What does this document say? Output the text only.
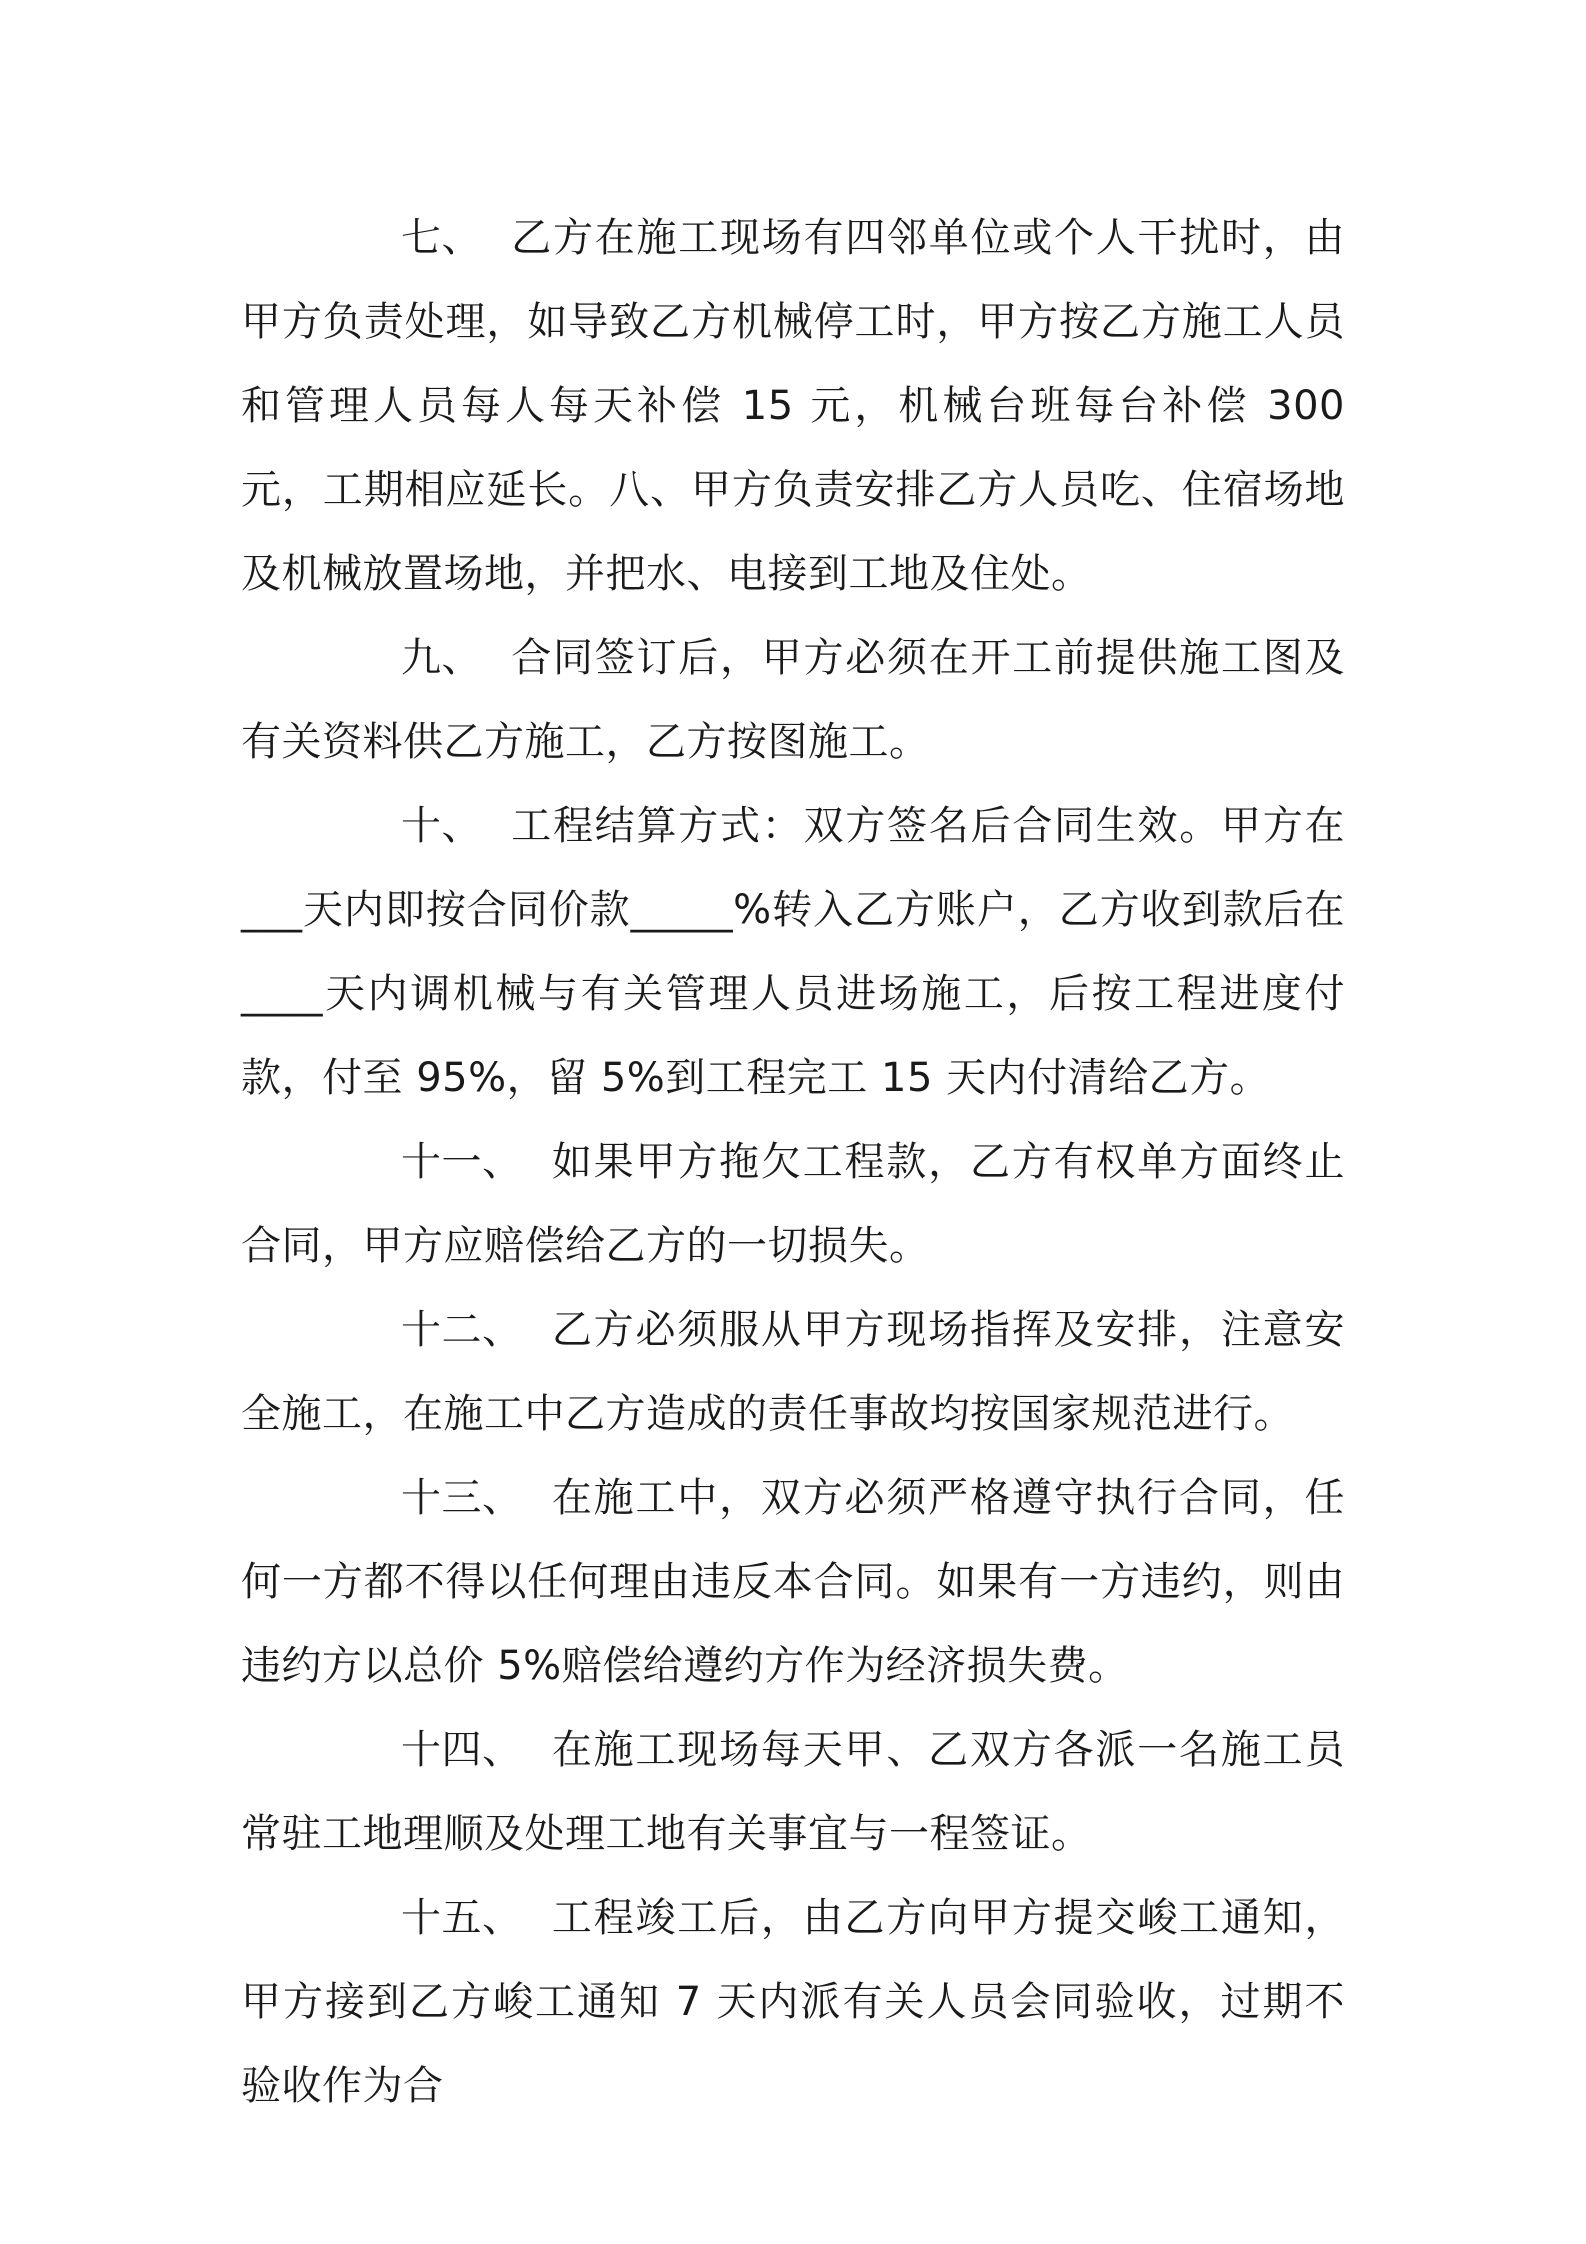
七、 乙方在施工现场有四邻单位或个人干扰时，由甲方负责处理，如导致乙方机械停工时，甲方按乙方施工人员和管理人员每人每天补偿 15 元，机械台班每台补偿 300 元，工期相应延长。八、甲方负责安排乙方人员吃、住宿场地及机械放置场地，并把水、电接到工地及住处。

九、 合同签订后，甲方必须在开工前提供施工图及有关资料供乙方施工，乙方按图施工。

十、 工程结算方式：双方签名后合同生效。甲方在___天内即按合同价款_____%转入乙方账户，乙方收到款后在____天内调机械与有关管理人员进场施工，后按工程进度付款，付至 95%，留 5%到工程完工 15 天内付清给乙方。

十一、 如果甲方拖欠工程款，乙方有权单方面终止合同，甲方应赔偿给乙方的一切损失。

十二、 乙方必须服从甲方现场指挥及安排，注意安全施工，在施工中乙方造成的责任事故均按国家规范进行。

十三、 在施工中，双方必须严格遵守执行合同，任何一方都不得以任何理由违反本合同。如果有一方违约，则由违约方以总价 5%赔偿给遵约方作为经济损失费。

十四、 在施工现场每天甲、乙双方各派一名施工员常驻工地理顺及处理工地有关事宜与一程签证。

十五、 工程竣工后，由乙方向甲方提交峻工通知，甲方接到乙方峻工通知 7 天内派有关人员会同验收，过期不验收作为合
